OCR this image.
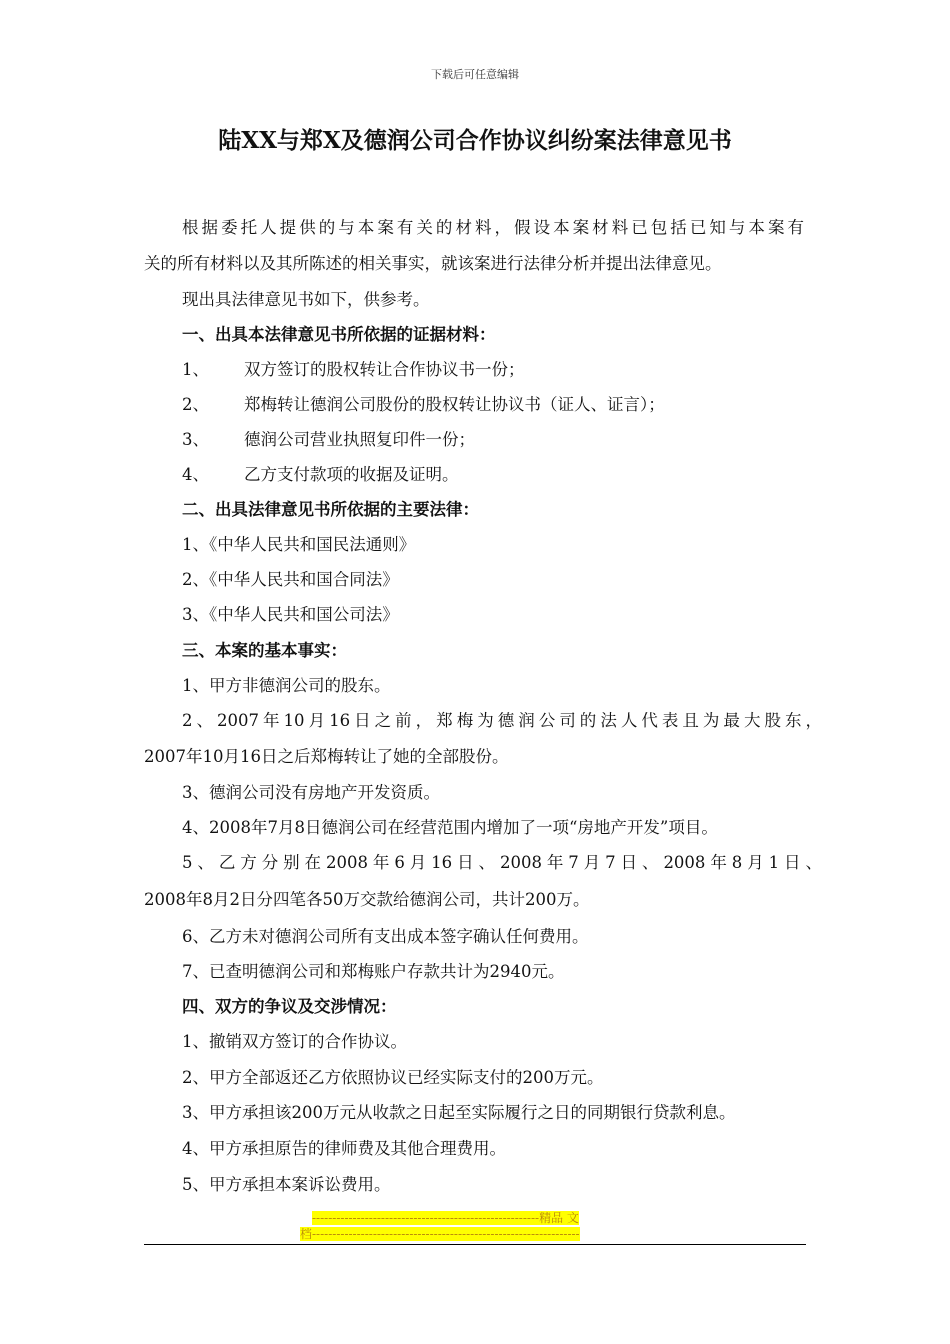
下载后可任意编辑
陆XX与郑X及德润公司合作协议纠纷案法律意见书
根据委托人提供的与本案有关的材料，假设本案材料已包括已知与本案有
关的所有材料以及其所陈述的相关事实，就该案进行法律分析并提出法律意见。
现出具法律意见书如下，供参考。
一、出具本法律意见书所依据的证据材料：
1、 双方签订的股权转让合作协议书一份；
2、 郑梅转让德润公司股份的股权转让协议书（证人、证言）；
3、 德润公司营业执照复印件一份；
4、 乙方支付款项的收据及证明。
二、出具法律意见书所依据的主要法律：
1、《中华人民共和国民法通则》
2、《中华人民共和国合同法》
3、《中华人民共和国公司法》
三、本案的基本事实：
1、甲方非德润公司的股东。
2、2007年10月16日之前，郑梅为德润公司的法人代表且为最大股东，
2007年10月16日之后郑梅转让了她的全部股份。
3、德润公司没有房地产开发资质。
4、2008年7月8日德润公司在经营范围内增加了一项“房地产开发”项目。
5、乙方分别在2008年6月16日、2008年7月7日、2008年8月1日、
2008年8月2日分四笔各50万交款给德润公司，共计200万。
6、乙方未对德润公司所有支出成本签字确认任何费用。
7、已查明德润公司和郑梅账户存款共计为2940元。
四、双方的争议及交涉情况：
1、撤销双方签订的合作协议。
2、甲方全部返还乙方依照协议已经实际支付的200万元。
3、甲方承担该200万元从收款之日起至实际履行之日的同期银行贷款利息。
4、甲方承担原告的律师费及其他合理费用。
5、甲方承担本案诉讼费用。
--------------------------------------------------------精品 文
档------------------------------------------------------------------
